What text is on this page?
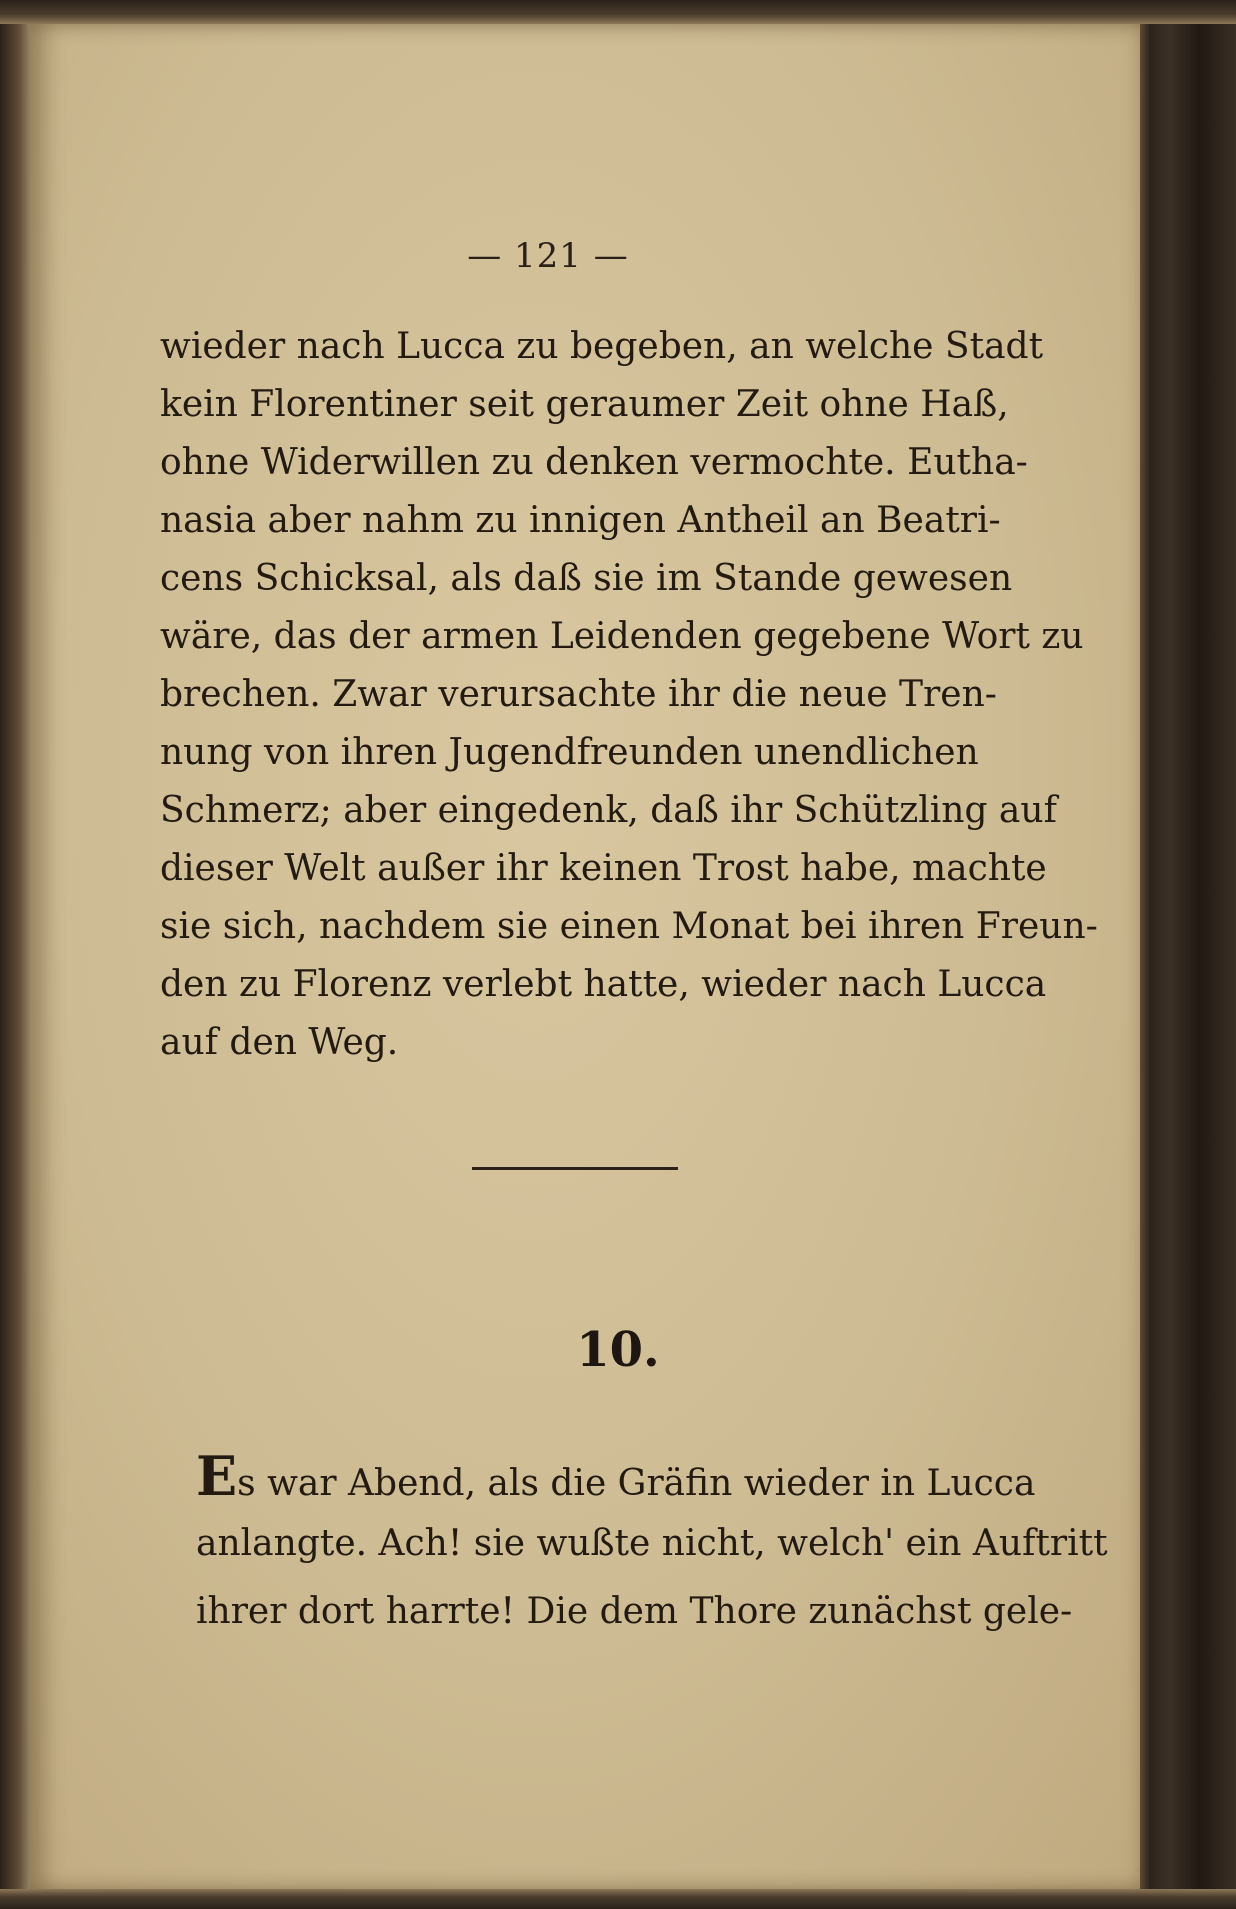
— 121 —
wieder nach Lucca zu begeben, an welche Stadt
kein Florentiner seit geraumer Zeit ohne Haß,
ohne Widerwillen zu denken vermochte. Eutha-
nasia aber nahm zu innigen Antheil an Beatri-
cens Schicksal, als daß sie im Stande gewesen
wäre, das der armen Leidenden gegebene Wort zu
brechen. Zwar verursachte ihr die neue Tren-
nung von ihren Jugendfreunden unendlichen
Schmerz; aber eingedenk, daß ihr Schützling auf
dieser Welt außer ihr keinen Trost habe, machte
sie sich, nachdem sie einen Monat bei ihren Freun-
den zu Florenz verlebt hatte, wieder nach Lucca
auf den Weg.
10.
Es war Abend, als die Gräfin wieder in Lucca
anlangte. Ach! sie wußte nicht, welch' ein Auftritt
ihrer dort harrte! Die dem Thore zunächst gele-
